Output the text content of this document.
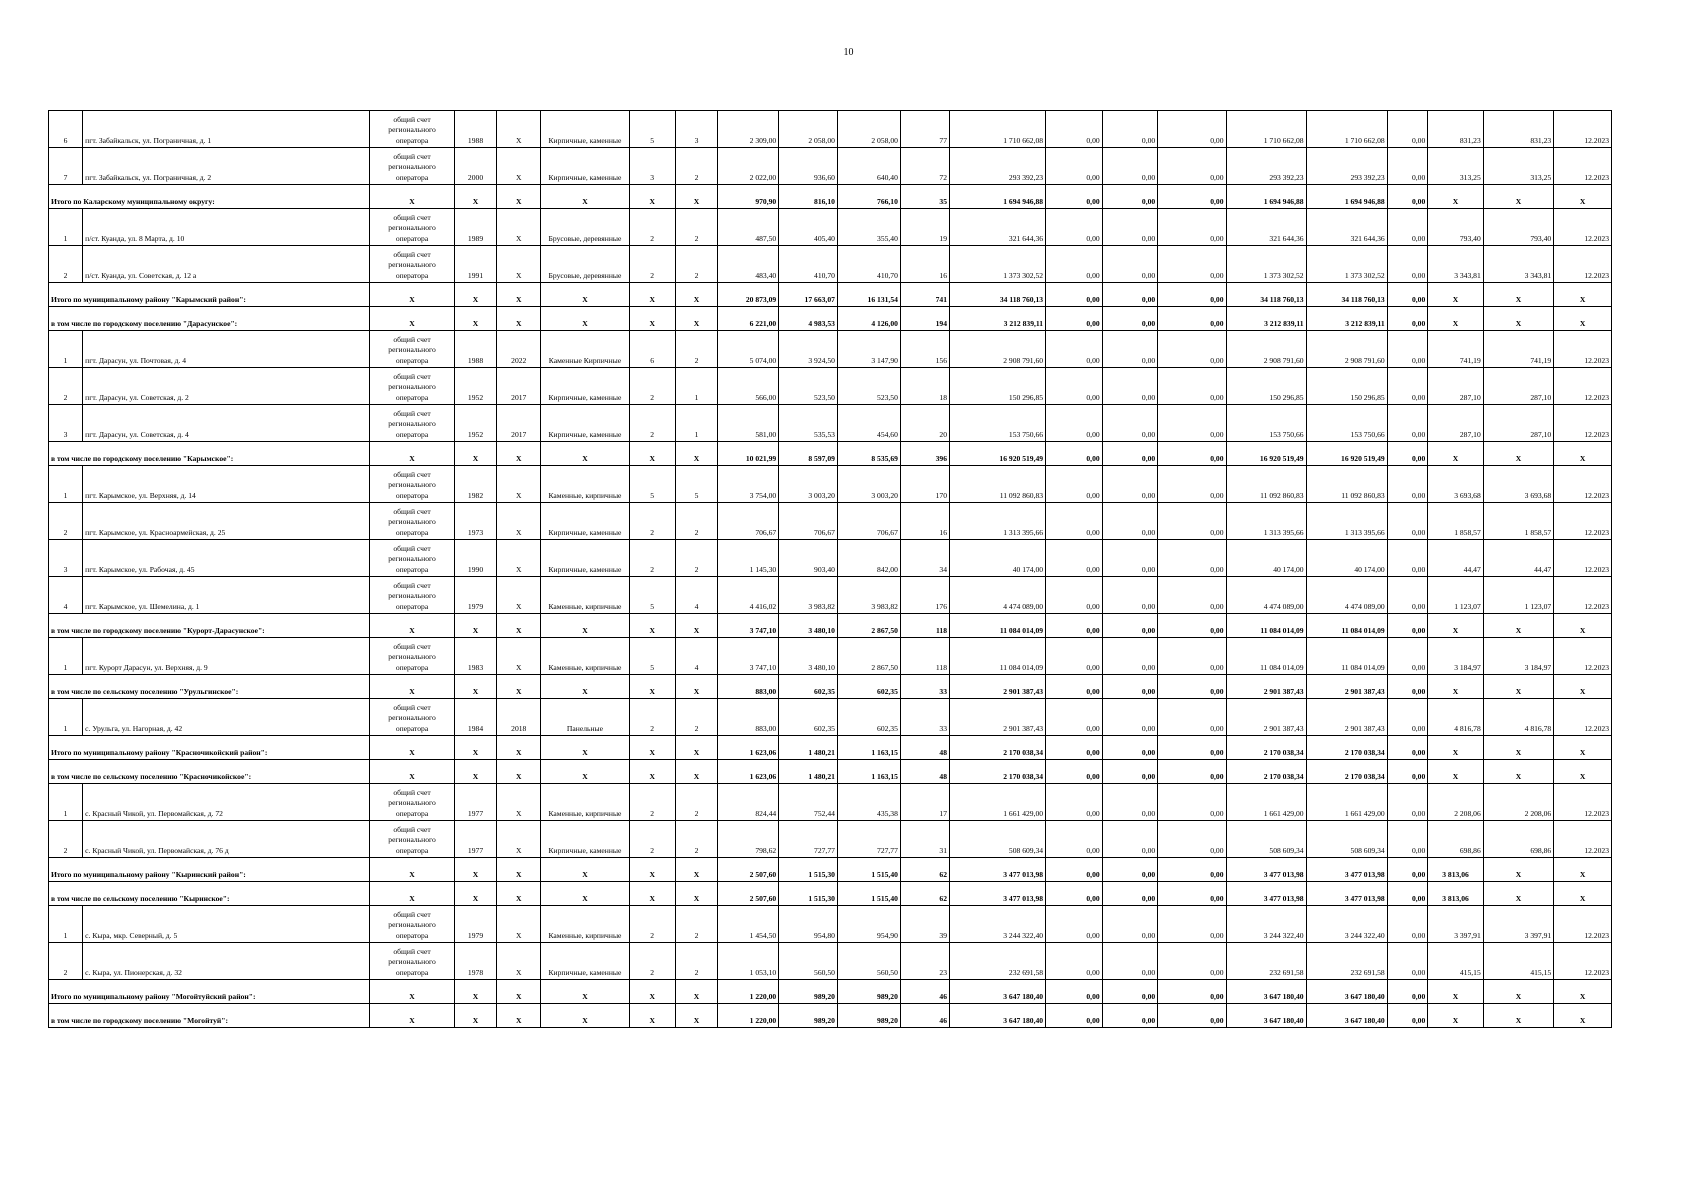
10
6	пгт. Забайкальск, ул. Пограничная, д. 1	общий счет регионального оператора	1988	Х	Кирпичные, каменные	5	3	2 309,00	2 058,00	2 058,00	77	1 710 662,08	0,00	0,00	0,00	1 710 662,08	1 710 662,08	0,00	831,23	831,23	12.2023
7	пгт. Забайкальск, ул. Пограничная, д. 2	общий счет регионального оператора	2000	Х	Кирпичные, каменные	3	2	2 022,00	936,60	640,40	72	293 392,23	0,00	0,00	0,00	293 392,23	293 392,23	0,00	313,25	313,25	12.2023
Итого по Каларскому муниципальному округу:		Х	Х	Х	Х	Х	Х	970,90	816,10	766,10	35	1 694 946,88	0,00	0,00	0,00	1 694 946,88	1 694 946,88	0,00	Х	Х	Х
1	п/ст. Куанда, ул. 8 Марта, д. 10	общий счет регионального оператора	1989	Х	Брусовые, деревянные	2	2	487,50	405,40	355,40	19	321 644,36	0,00	0,00	0,00	321 644,36	321 644,36	0,00	793,40	793,40	12.2023
2	п/ст. Куанда, ул. Советская, д. 12 а	общий счет регионального оператора	1991	Х	Брусовые, деревянные	2	2	483,40	410,70	410,70	16	1 373 302,52	0,00	0,00	0,00	1 373 302,52	1 373 302,52	0,00	3 343,81	3 343,81	12.2023
Итого по муниципальному району "Карымский район":		Х	Х	Х	Х	Х	Х	20 873,09	17 663,07	16 131,54	741	34 118 760,13	0,00	0,00	0,00	34 118 760,13	34 118 760,13	0,00	Х	Х	Х
в том числе по городскому поселению "Дарасунское":		Х	Х	Х	Х	Х	Х	6 221,00	4 983,53	4 126,00	194	3 212 839,11	0,00	0,00	0,00	3 212 839,11	3 212 839,11	0,00	Х	Х	Х
1	пгт. Дарасун, ул. Почтовая, д. 4	общий счет регионального оператора	1988	2022	Каменные Кирпичные	6	2	5 074,00	3 924,50	3 147,90	156	2 908 791,60	0,00	0,00	0,00	2 908 791,60	2 908 791,60	0,00	741,19	741,19	12.2023
2	пгт. Дарасун, ул. Советская, д. 2	общий счет регионального оператора	1952	2017	Кирпичные, каменные	2	1	566,00	523,50	523,50	18	150 296,85	0,00	0,00	0,00	150 296,85	150 296,85	0,00	287,10	287,10	12.2023
3	пгт. Дарасун, ул. Советская, д. 4	общий счет регионального оператора	1952	2017	Кирпичные, каменные	2	1	581,00	535,53	454,60	20	153 750,66	0,00	0,00	0,00	153 750,66	153 750,66	0,00	287,10	287,10	12.2023
в том числе по городскому поселению "Карымское":		Х	Х	Х	Х	Х	Х	10 021,99	8 597,09	8 535,69	396	16 920 519,49	0,00	0,00	0,00	16 920 519,49	16 920 519,49	0,00	Х	Х	Х
1	пгт. Карымское, ул. Верхняя, д. 14	общий счет регионального оператора	1982	Х	Каменные, кирпичные	5	5	3 754,00	3 003,20	3 003,20	170	11 092 860,83	0,00	0,00	0,00	11 092 860,83	11 092 860,83	0,00	3 693,68	3 693,68	12.2023
2	пгт. Карымское, ул. Красноармейская, д. 25	общий счет регионального оператора	1973	Х	Кирпичные, каменные	2	2	706,67	706,67	706,67	16	1 313 395,66	0,00	0,00	0,00	1 313 395,66	1 313 395,66	0,00	1 858,57	1 858,57	12.2023
3	пгт. Карымское, ул. Рабочая, д. 45	общий счет регионального оператора	1990	Х	Кирпичные, каменные	2	2	1 145,30	903,40	842,00	34	40 174,00	0,00	0,00	0,00	40 174,00	40 174,00	0,00	44,47	44,47	12.2023
4	пгт. Карымское, ул. Шемелина, д. 1	общий счет регионального оператора	1979	Х	Каменные, кирпичные	5	4	4 416,02	3 983,82	3 983,82	176	4 474 089,00	0,00	0,00	0,00	4 474 089,00	4 474 089,00	0,00	1 123,07	1 123,07	12.2023
в том числе по городскому поселению "Курорт-Дарасунское":		Х	Х	Х	Х	Х	Х	3 747,10	3 480,10	2 867,50	118	11 084 014,09	0,00	0,00	0,00	11 084 014,09	11 084 014,09	0,00	Х	Х	Х
1	пгт. Курорт Дарасун, ул. Верхняя, д. 9	общий счет регионального оператора	1983	Х	Каменные, кирпичные	5	4	3 747,10	3 480,10	2 867,50	118	11 084 014,09	0,00	0,00	0,00	11 084 014,09	11 084 014,09	0,00	3 184,97	3 184,97	12.2023
в том числе по сельскому поселению "Урульгинское":		Х	Х	Х	Х	Х	Х	883,00	602,35	602,35	33	2 901 387,43	0,00	0,00	0,00	2 901 387,43	2 901 387,43	0,00	Х	Х	Х
1	с. Урульга, ул. Нагорная, д. 42	общий счет регионального оператора	1984	2018	Панельные	2	2	883,00	602,35	602,35	33	2 901 387,43	0,00	0,00	0,00	2 901 387,43	2 901 387,43	0,00	4 816,78	4 816,78	12.2023
Итого по муниципальному району "Красночикойский район":		Х	Х	Х	Х	Х	Х	1 623,06	1 480,21	1 163,15	48	2 170 038,34	0,00	0,00	0,00	2 170 038,34	2 170 038,34	0,00	Х	Х	Х
в том числе по сельскому поселению "Красночикойское":		Х	Х	Х	Х	Х	Х	1 623,06	1 480,21	1 163,15	48	2 170 038,34	0,00	0,00	0,00	2 170 038,34	2 170 038,34	0,00	Х	Х	Х
1	с. Красный Чикой, ул. Первомайская, д. 72	общий счет регионального оператора	1977	Х	Каменные, кирпичные	2	2	824,44	752,44	435,38	17	1 661 429,00	0,00	0,00	0,00	1 661 429,00	1 661 429,00	0,00	2 208,06	2 208,06	12.2023
2	с. Красный Чикой, ул. Первомайская, д. 76 д	общий счет регионального оператора	1977	Х	Кирпичные, каменные	2	2	798,62	727,77	727,77	31	508 609,34	0,00	0,00	0,00	508 609,34	508 609,34	0,00	698,86	698,86	12.2023
Итого по муниципальному району "Кыринский район":		Х	Х	Х	Х	Х	Х	2 507,60	1 515,30	1 515,40	62	3 477 013,98	0,00	0,00	0,00	3 477 013,98	3 477 013,98	0,00	3 813,06	Х	Х
в том числе по сельскому поселению "Кыринское":		Х	Х	Х	Х	Х	Х	2 507,60	1 515,30	1 515,40	62	3 477 013,98	0,00	0,00	0,00	3 477 013,98	3 477 013,98	0,00	3 813,06	Х	Х
1	с. Кыра, мкр. Северный, д. 5	общий счет регионального оператора	1979	Х	Каменные, кирпичные	2	2	1 454,50	954,80	954,90	39	3 244 322,40	0,00	0,00	0,00	3 244 322,40	3 244 322,40	0,00	3 397,91	3 397,91	12.2023
2	с. Кыра, ул. Пионерская, д. 32	общий счет регионального оператора	1978	Х	Кирпичные, каменные	2	2	1 053,10	560,50	560,50	23	232 691,58	0,00	0,00	0,00	232 691,58	232 691,58	0,00	415,15	415,15	12.2023
Итого по муниципальному району "Могойтуйский район":		Х	Х	Х	Х	Х	Х	1 220,00	989,20	989,20	46	3 647 180,40	0,00	0,00	0,00	3 647 180,40	3 647 180,40	0,00	Х	Х	Х
в том числе по городскому поселению "Могойтуй":		Х	Х	Х	Х	Х	Х	1 220,00	989,20	989,20	46	3 647 180,40	0,00	0,00	0,00	3 647 180,40	3 647 180,40	0,00	Х	Х	Х
